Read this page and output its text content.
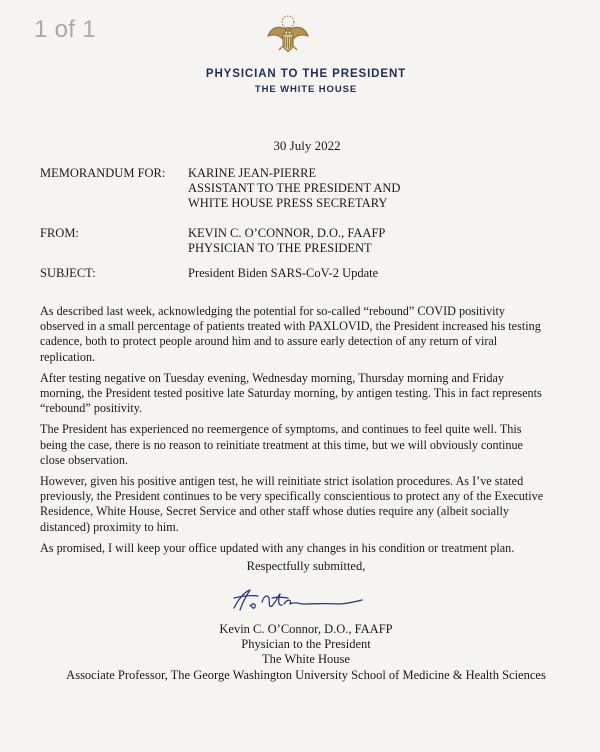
1 of 1
PHYSICIAN TO THE PRESIDENT
THE WHITE HOUSE
30 July 2022
MEMORANDUM FOR: KARINE JEAN-PIERRE
ASSISTANT TO THE PRESIDENT AND
WHITE HOUSE PRESS SECRETARY
FROM:	KEVIN C. O’CONNOR, D.O., FAAFP
PHYSICIAN TO THE PRESIDENT
SUBJECT:	President Biden SARS-CoV-2 Update

As described last week, acknowledging the potential for so-called “rebound” COVID positivity observed in a small percentage of patients treated with PAXLOVID, the President increased his testing cadence, both to protect people around him and to assure early detection of any return of viral replication.

After testing negative on Tuesday evening, Wednesday morning, Thursday morning and Friday morning, the President tested positive late Saturday morning, by antigen testing. This in fact represents “rebound” positivity.

The President has experienced no reemergence of symptoms, and continues to feel quite well. This being the case, there is no reason to reinitiate treatment at this time, but we will obviously continue close observation.

However, given his positive antigen test, he will reinitiate strict isolation procedures. As I’ve stated previously, the President continues to be very specifically conscientious to protect any of the Executive Residence, White House, Secret Service and other staff whose duties require any (albeit socially distanced) proximity to him.

As promised, I will keep your office updated with any changes in his condition or treatment plan.

Respectfully submitted,
Kevin C. O’Connor, D.O., FAAFP
Physician to the President
The White House
Associate Professor, The George Washington University School of Medicine & Health Sciences
